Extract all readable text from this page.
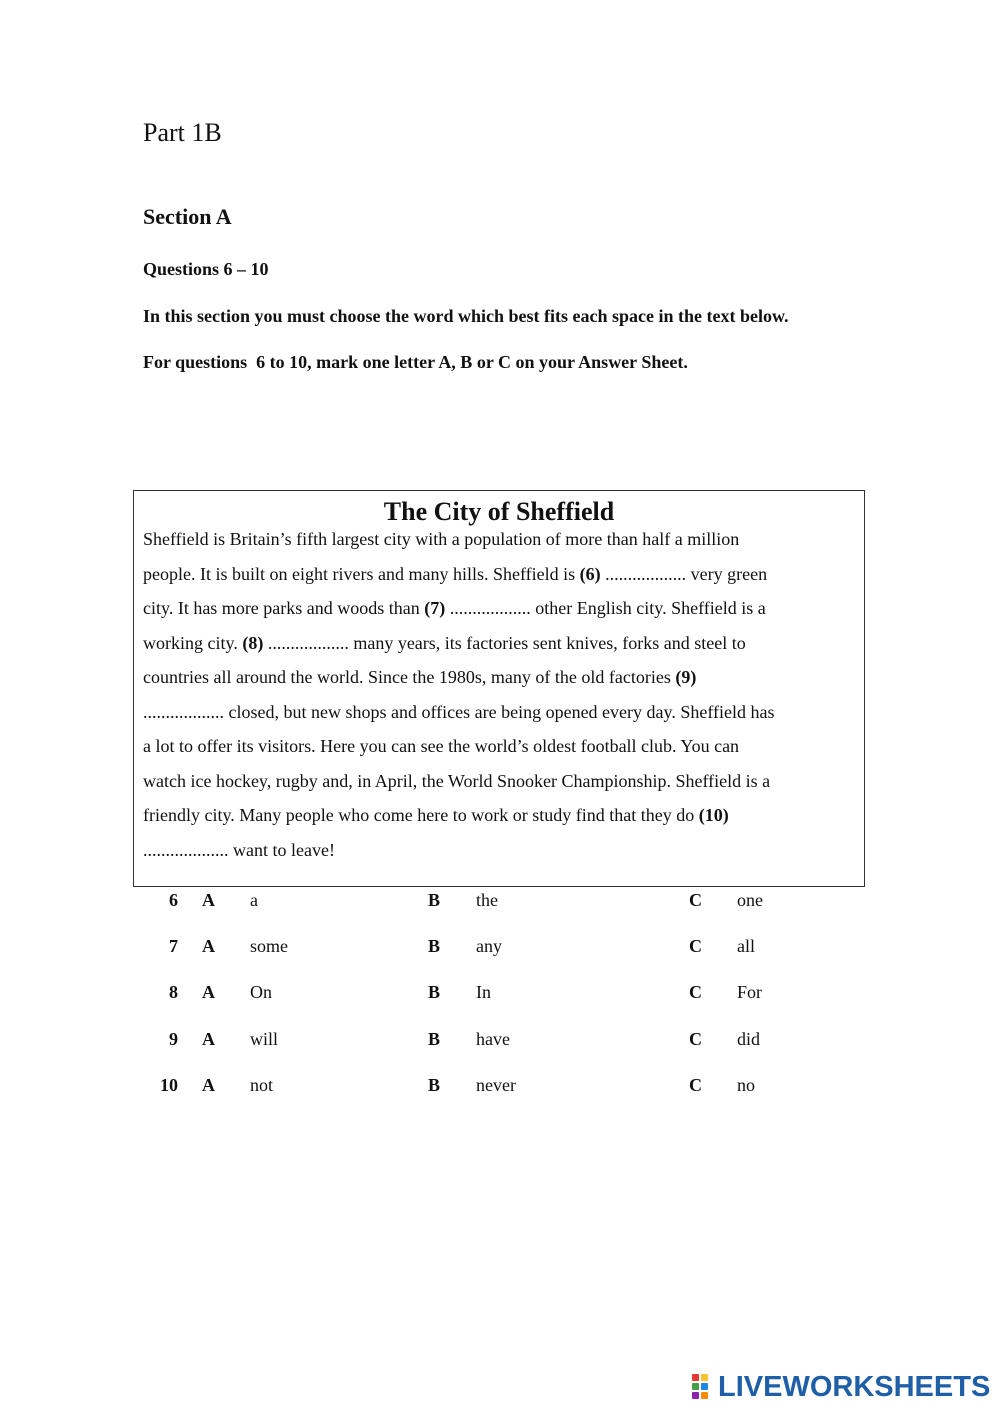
Part 1B
Section A
Questions 6 – 10
In this section you must choose the word which best fits each space in the text below.
For questions  6 to 10, mark one letter A, B or C on your Answer Sheet.
The City of Sheffield
Sheffield is Britain’s fifth largest city with a population of more than half a million
people. It is built on eight rivers and many hills. Sheffield is (6) .................. very green
city. It has more parks and woods than (7) .................. other English city. Sheffield is a
working city. (8) .................. many years, its factories sent knives, forks and steel to
countries all around the world. Since the 1980s, many of the old factories (9)
.................. closed, but new shops and offices are being opened every day. Sheffield has
a lot to offer its visitors. Here you can see the world’s oldest football club. You can
watch ice hockey, rugby and, in April, the World Snooker Championship. Sheffield is a
friendly city. Many people who come here to work or study find that they do (10)
................... want to leave!
6 A a	B the	C one
7 A some	B any	C all
8 A On	B In	C For
9 A will	B have	C did
10 A not	B never	C no
LIVEWORKSHEETS
